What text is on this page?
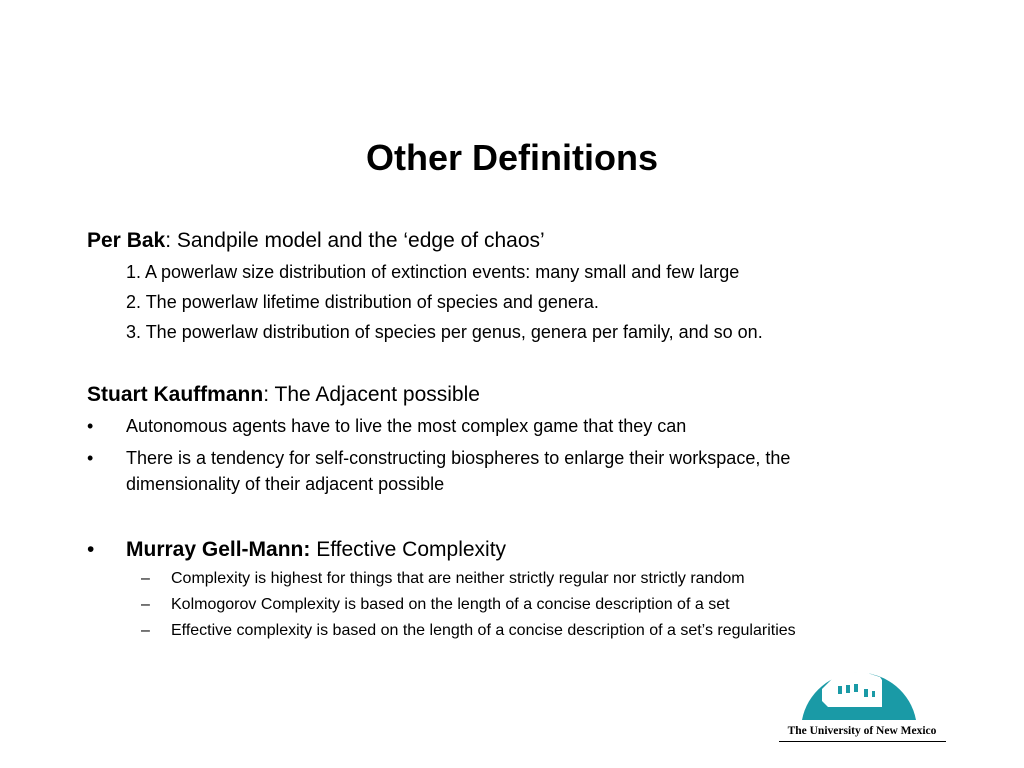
Other Definitions
Per Bak: Sandpile model and the ‘edge of chaos’
1. A powerlaw size distribution of extinction events: many small and few large
2. The powerlaw lifetime distribution of species and genera.
3. The powerlaw distribution of species per genus, genera per family, and so on.
Stuart Kauffmann: The Adjacent possible
• Autonomous agents have to live the most complex game that they can
• There is a tendency for self-constructing biospheres to enlarge their workspace, the
dimensionality of their adjacent possible
• Murray Gell-Mann: Effective Complexity
– Complexity is highest for things that are neither strictly regular nor strictly random
– Kolmogorov Complexity is based on the length of a concise description of a set
– Effective complexity is based on the length of a concise description of a set’s regularities
The University of New Mexico
